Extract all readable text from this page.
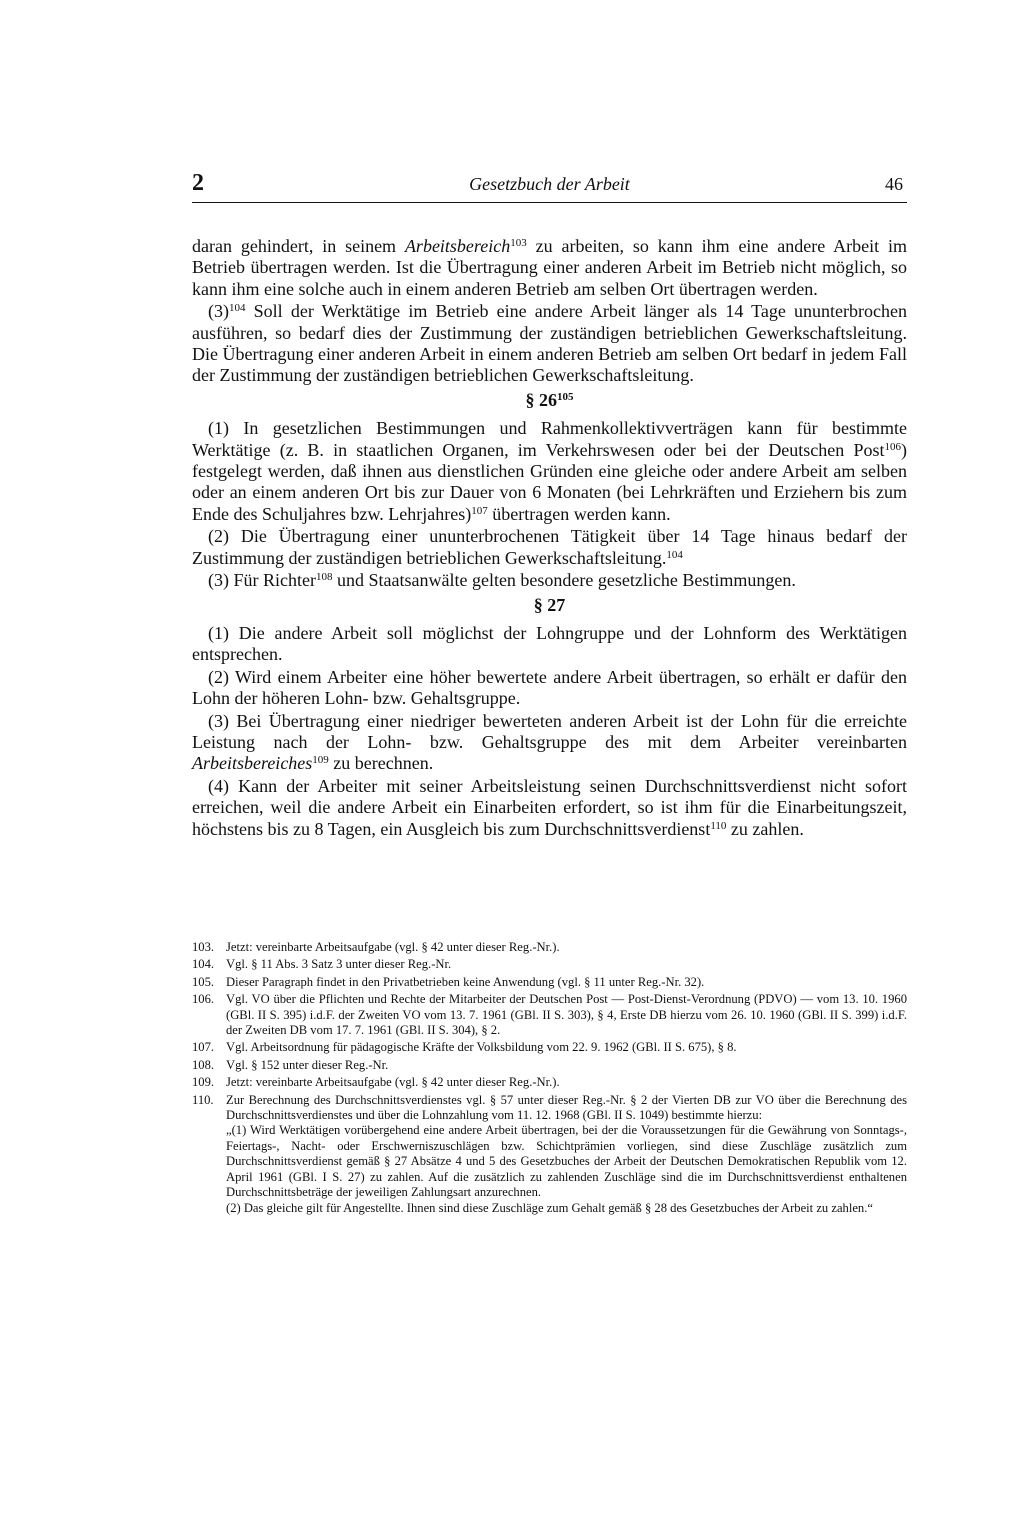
2	Gesetzbuch der Arbeit	46

daran gehindert, in seinem Arbeitsbereich$^{103}$ zu arbeiten, so kann ihm eine andere Arbeit im Betrieb übertragen werden. Ist die Übertragung einer anderen Arbeit im Betrieb nicht möglich, so kann ihm eine solche auch in einem anderen Betrieb am selben Ort übertragen werden.

$(3)^{104}$ Soll der Werktätige im Betrieb eine andere Arbeit länger als 14 Tage ununterbrochen ausführen, so bedarf dies der Zustimmung der zuständigen betrieblichen Gewerkschaftsleitung. Die Übertragung einer anderen Arbeit in einem anderen Betrieb am selben Ort bedarf in jedem Fall der Zustimmung der zuständigen betrieblichen Gewerkschaftsleitung.

§ $26^{105}$

(1) In gesetzlichen Bestimmungen und Rahmenkollektivverträgen kann für bestimmte Werktätige (z. B. in staatlichen Organen, im Verkehrswesen oder bei der Deutschen Post$^{106}$) festgelegt werden, daß ihnen aus dienstlichen Gründen eine gleiche oder andere Arbeit am selben oder an einem anderen Ort bis zur Dauer von 6 Monaten (bei Lehrkräften und Erziehern bis zum Ende des Schuljahres bzw. Lehrjahres)$^{107}$ übertragen werden kann.

(2) Die Übertragung einer ununterbrochenen Tätigkeit über 14 Tage hinaus bedarf der Zustimmung der zuständigen betrieblichen Gewerkschaftsleitung.$^{104}$

(3) Für Richter$^{108}$ und Staatsanwälte gelten besondere gesetzliche Bestimmungen.

§ 27

(1) Die andere Arbeit soll möglichst der Lohngruppe und der Lohnform des Werktätigen entsprechen.

(2) Wird einem Arbeiter eine höher bewertete andere Arbeit übertragen, so erhält er dafür den Lohn der höheren Lohn- bzw. Gehaltsgruppe.

(3) Bei Übertragung einer niedriger bewerteten anderen Arbeit ist der Lohn für die erreichte Leistung nach der Lohn- bzw. Gehaltsgruppe des mit dem Arbeiter vereinbarten Arbeitsbereiches$^{109}$ zu berechnen.

(4) Kann der Arbeiter mit seiner Arbeitsleistung seinen Durchschnittsverdienst nicht sofort erreichen, weil die andere Arbeit ein Einarbeiten erfordert, so ist ihm für die Einarbeitungszeit, höchstens bis zu 8 Tagen, ein Ausgleich bis zum Durchschnittsverdienst$^{110}$ zu zahlen.

103. Jetzt: vereinbarte Arbeitsaufgabe (vgl. § 42 unter dieser Reg.-Nr.).
104. Vgl. § 11 Abs. 3 Satz 3 unter dieser Reg.-Nr.
105. Dieser Paragraph findet in den Privatbetrieben keine Anwendung (vgl. § 11 unter Reg.-Nr. 32).
106. Vgl. VO über die Pflichten und Rechte der Mitarbeiter der Deutschen Post — Post-Dienst-Verordnung (PDVO) — vom 13. 10. 1960 (GBl. II S. 395) i.d.F. der Zweiten VO vom 13. 7. 1961 (GBl. II S. 303), § 4, Erste DB hierzu vom 26. 10. 1960 (GBl. II S. 399) i.d.F. der Zweiten DB vom 17. 7. 1961 (GBl. II S. 304), § 2.
107. Vgl. Arbeitsordnung für pädagogische Kräfte der Volksbildung vom 22. 9. 1962 (GBl. II S. 675), § 8.
108. Vgl. § 152 unter dieser Reg.-Nr.
109. Jetzt: vereinbarte Arbeitsaufgabe (vgl. § 42 unter dieser Reg.-Nr.).
110. Zur Berechnung des Durchschnittsverdienstes vgl. § 57 unter dieser Reg.-Nr. § 2 der Vierten DB zur VO über die Berechnung des Durchschnittsverdienstes und über die Lohnzahlung vom 11. 12. 1968 (GBl. II S. 1049) bestimmte hierzu:
„(1) Wird Werktätigen vorübergehend eine andere Arbeit übertragen, bei der die Voraussetzungen für die Gewährung von Sonntags-, Feiertags-, Nacht- oder Erschwerniszuschlägen bzw. Schichtprämien vorliegen, sind diese Zuschläge zusätzlich zum Durchschnittsverdienst gemäß § 27 Absätze 4 und 5 des Gesetzbuches der Arbeit der Deutschen Demokratischen Republik vom 12. April 1961 (GBl. I S. 27) zu zahlen. Auf die zusätzlich zu zahlenden Zuschläge sind die im Durchschnittsverdienst enthaltenen Durchschnittsbeträge der jeweiligen Zahlungsart anzurechnen.
(2) Das gleiche gilt für Angestellte. Ihnen sind diese Zuschläge zum Gehalt gemäß § 28 des Gesetzbuches der Arbeit zu zahlen.“
